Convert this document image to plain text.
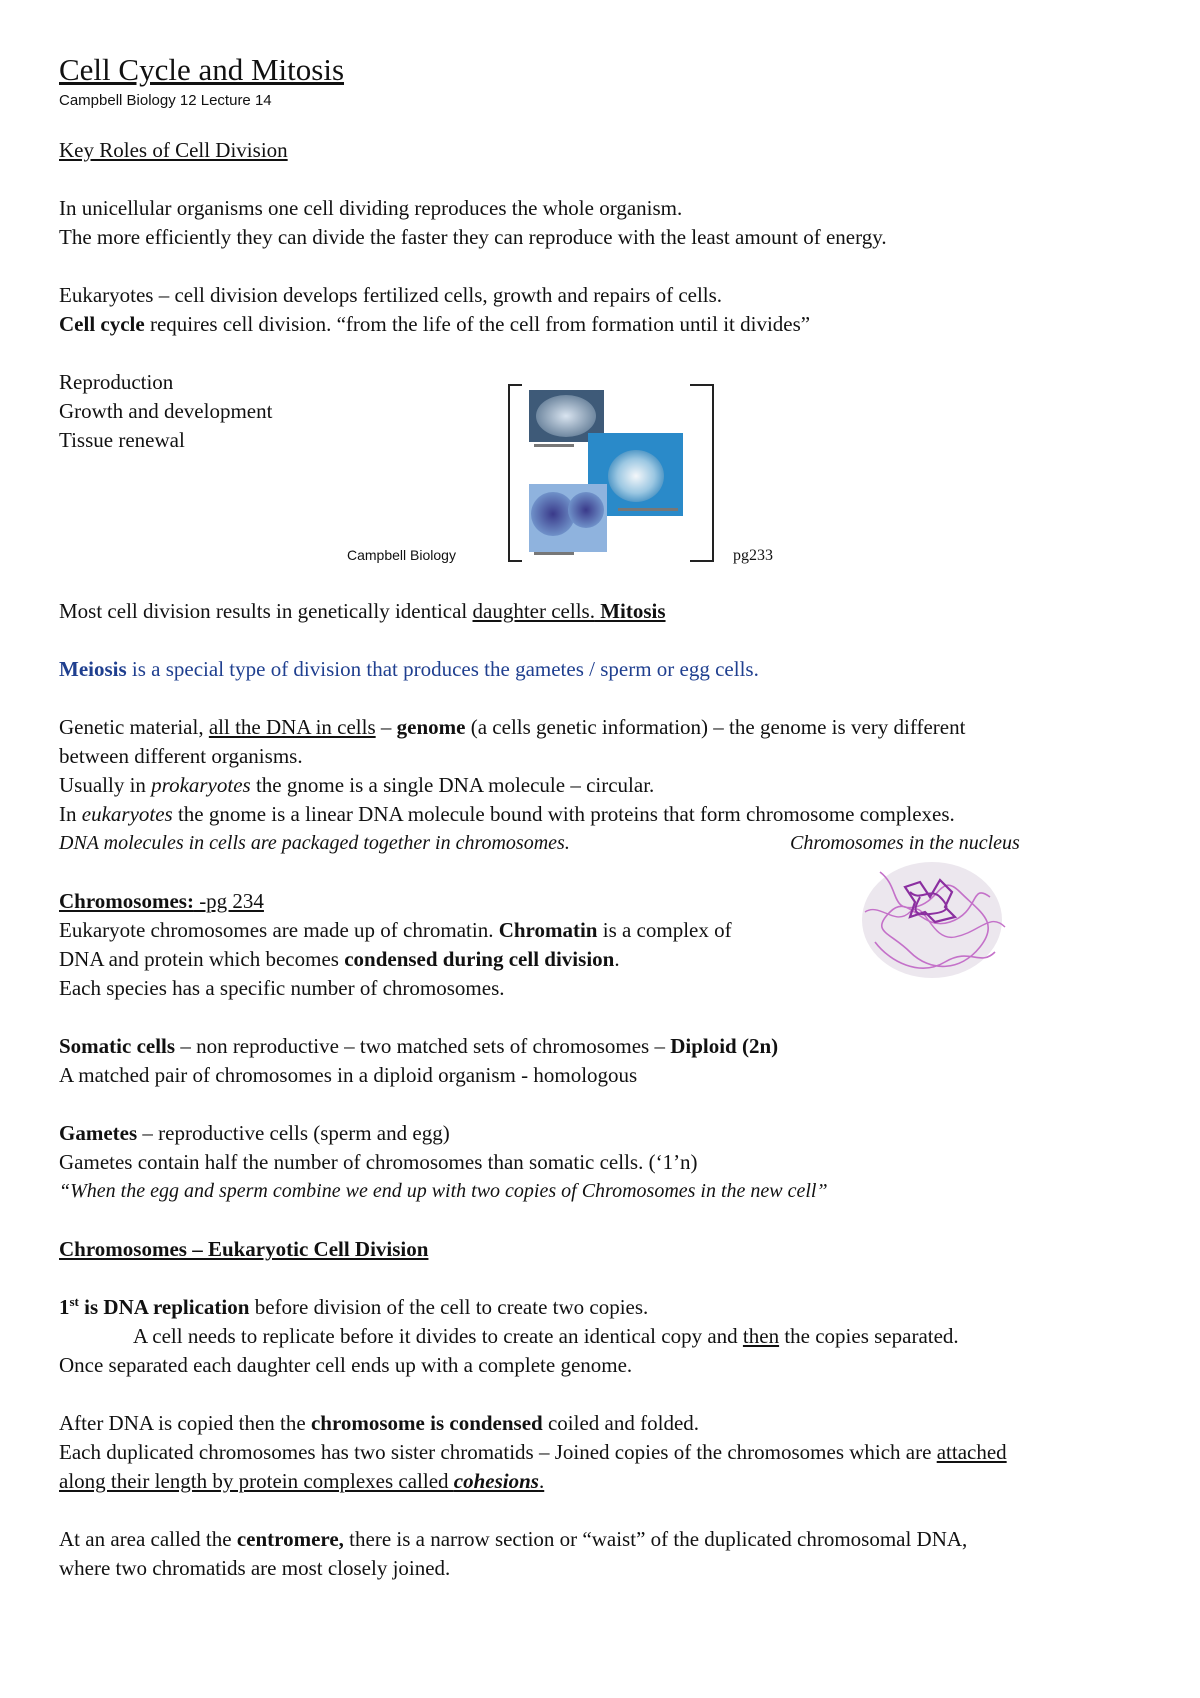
Cell Cycle and Mitosis
Campbell Biology 12 Lecture 14
Key Roles of Cell Division
In unicellular organisms one cell dividing reproduces the whole organism.
The more efficiently they can divide the faster they can reproduce with the least amount of energy.
Eukaryotes – cell division develops fertilized cells, growth and repairs of cells.
Cell cycle requires cell division. “from the life of the cell from formation until it divides”
Reproduction
Growth and development
Tissue renewal
Campbell Biology	pg233
Most cell division results in genetically identical daughter cells. Mitosis
Meiosis is a special type of division that produces the gametes / sperm or egg cells.
Genetic material, all the DNA in cells – genome (a cells genetic information) – the genome is very different
between different organisms.
Usually in prokaryotes the gnome is a single DNA molecule – circular.
In eukaryotes the gnome is a linear DNA molecule bound with proteins that form chromosome complexes.
DNA molecules in cells are packaged together in chromosomes.	Chromosomes in the nucleus
Chromosomes: -pg 234
Eukaryote chromosomes are made up of chromatin. Chromatin is a complex of
DNA and protein which becomes condensed during cell division.
Each species has a specific number of chromosomes.
Somatic cells – non reproductive – two matched sets of chromosomes – Diploid (2n)
A matched pair of chromosomes in a diploid organism - homologous
Gametes – reproductive cells (sperm and egg)
Gametes contain half the number of chromosomes than somatic cells. (‘1’n)
“When the egg and sperm combine we end up with two copies of Chromosomes in the new cell”
Chromosomes – Eukaryotic Cell Division
1st is DNA replication before division of the cell to create two copies.
A cell needs to replicate before it divides to create an identical copy and then the copies separated.
Once separated each daughter cell ends up with a complete genome.
After DNA is copied then the chromosome is condensed coiled and folded.
Each duplicated chromosomes has two sister chromatids – Joined copies of the chromosomes which are attached
along their length by protein complexes called cohesions.
At an area called the centromere, there is a narrow section or “waist” of the duplicated chromosomal DNA,
where two chromatids are most closely joined.
